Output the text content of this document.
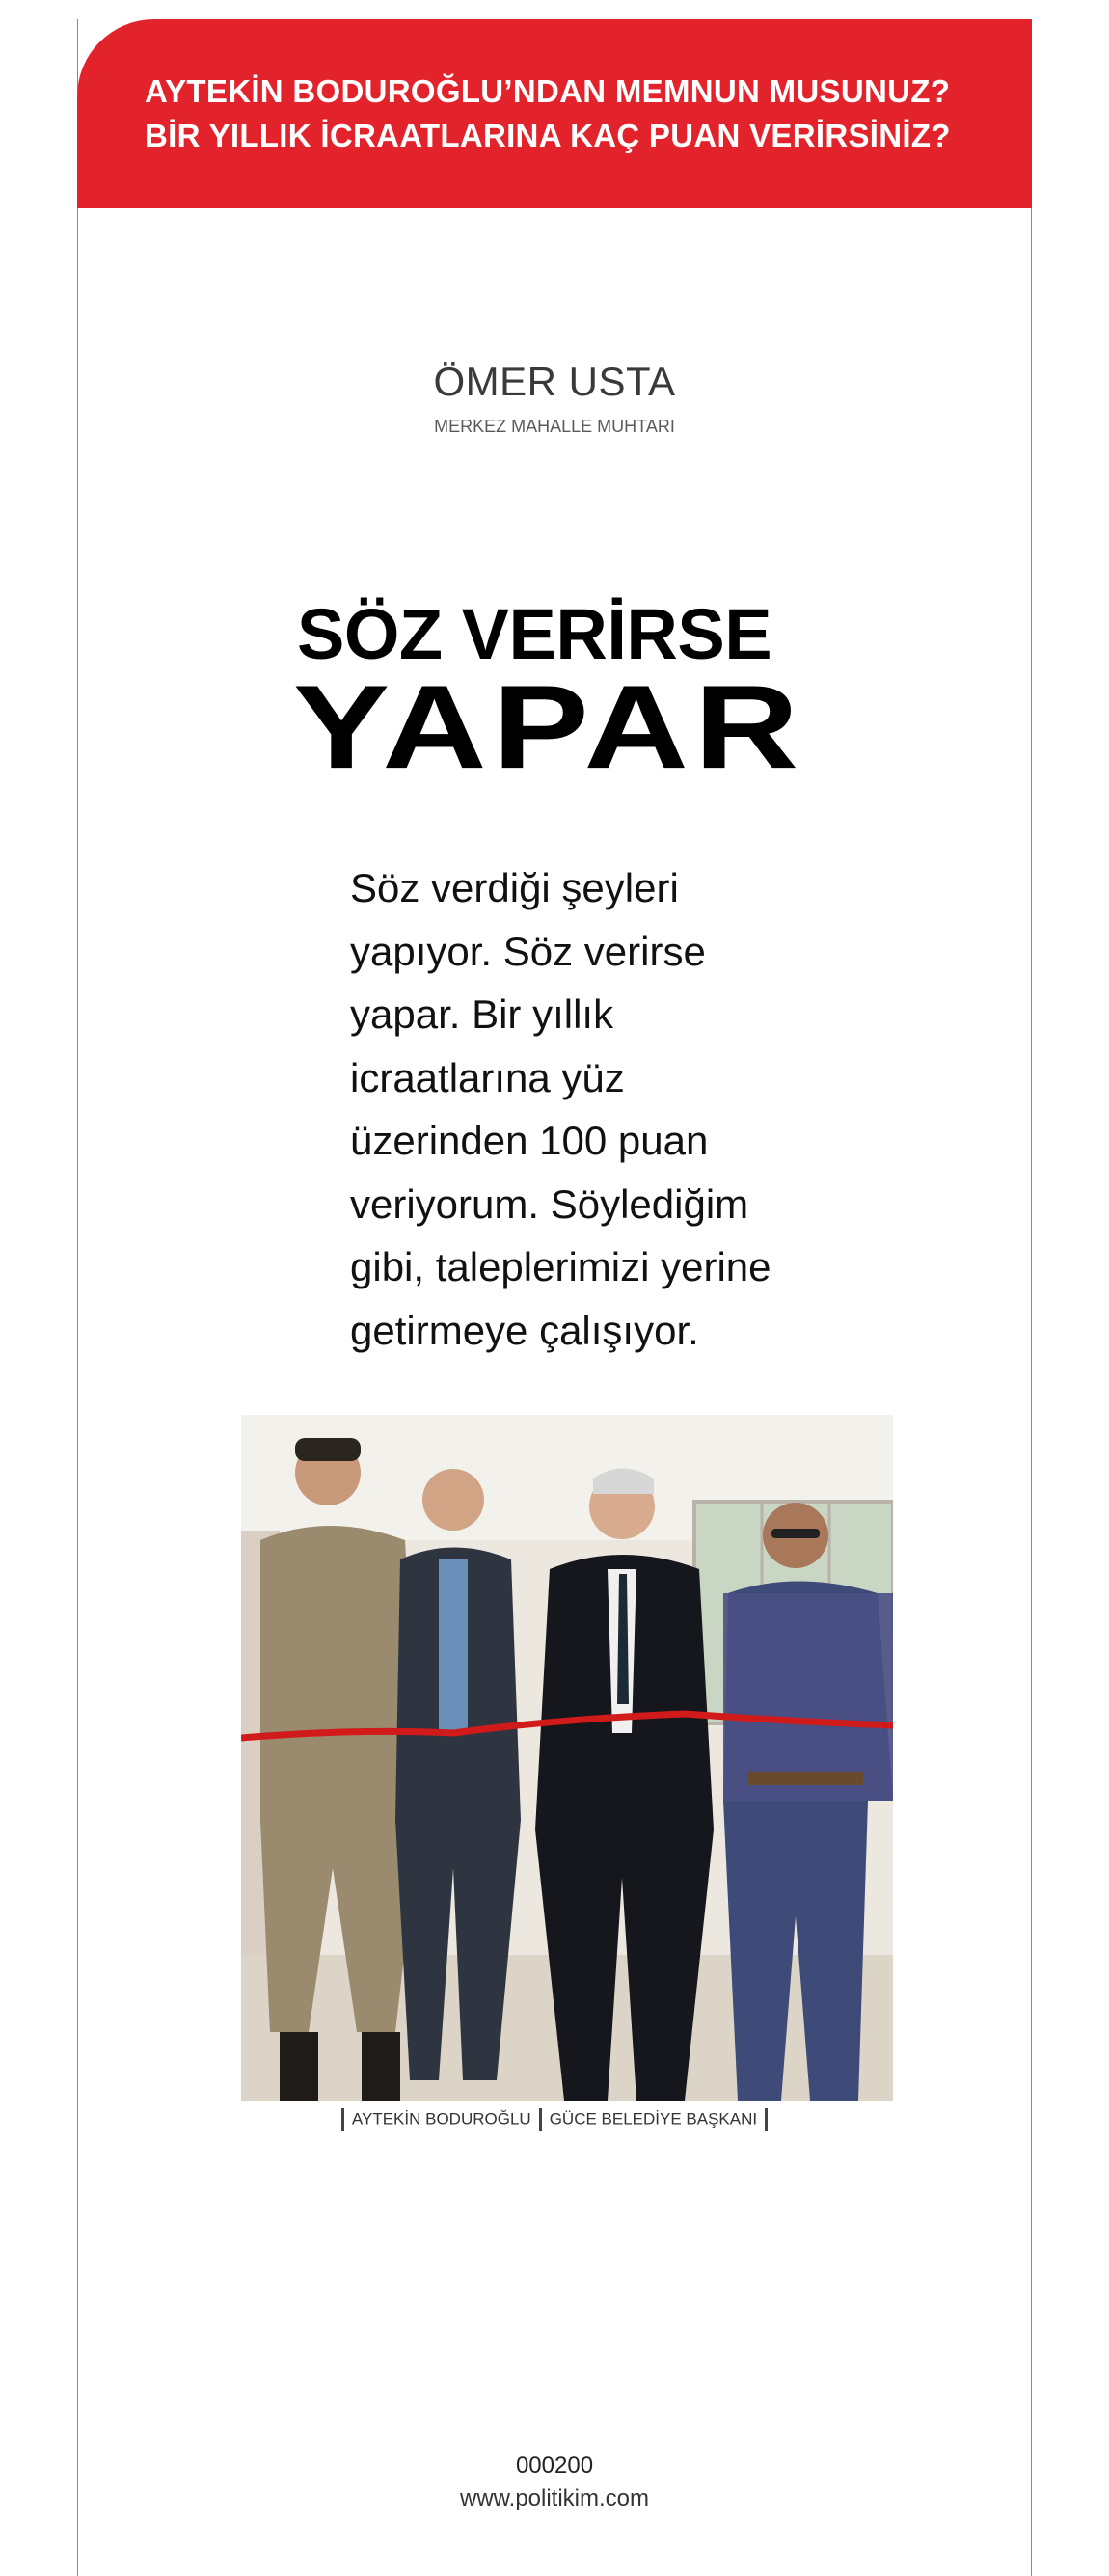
AYTEKİN BODUROĞLU’NDAN MEMNUN MUSUNUZ?
BİR YILLIK İCRAATLARINA KAÇ PUAN VERİRSİNİZ?
ÖMER USTA
MERKEZ MAHALLE MUHTARI
SÖZ VERİRSE
YAPAR
Söz verdiği şeyleri
yapıyor. Söz verirse
yapar. Bir yıllık
icraatlarına yüz
üzerinden 100 puan
veriyorum. Söylediğim
gibi, taleplerimizi yerine
getirmeye çalışıyor.
AYTEKİN BODUROĞLU GÜCE BELEDİYE BAŞKANI
000200
www.politikim.com
